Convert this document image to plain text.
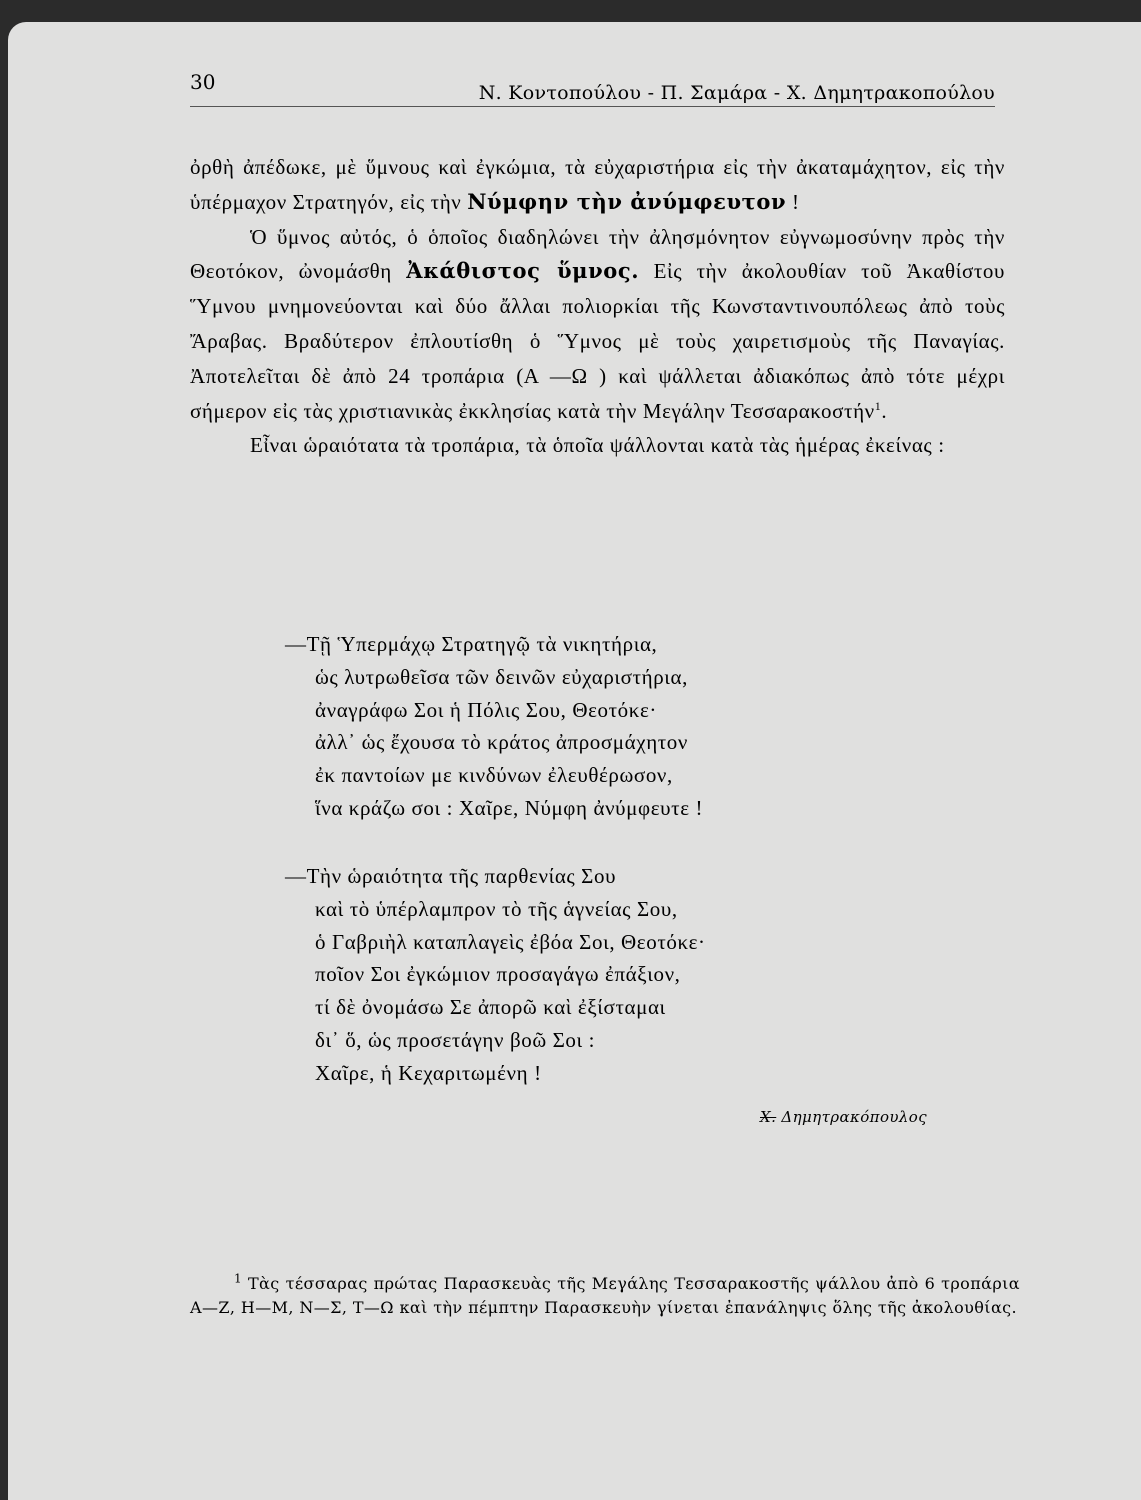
30	Ν. Κοντοπούλου - Π. Σαμάρα - Χ. Δημητρακοπούλου

ὀρθὴ ἀπέδωκε, μὲ ὕμνους καὶ ἐγκώμια, τὰ εὐχαριστήρια εἰς τὴν ἀκαταμάχητον, εἰς τὴν ὑπέρμαχον Στρατηγόν, εἰς τὴν Νύμφην τὴν ἀνύμφευτον !

Ὁ ὕμνος αὐτός, ὁ ὁποῖος διαδηλώνει τὴν ἀλησμόνητον εὐγνωμοσύνην πρὸς τὴν Θεοτόκον, ὠνομάσθη Ἀκάθιστος ὕμνος. Εἰς τὴν ἀκολουθίαν τοῦ Ἀκαθίστου Ὕμνου μνημονεύονται καὶ δύο ἄλλαι πολιορκίαι τῆς Κωνσταντινουπόλεως ἀπὸ τοὺς Ἄραβας. Βραδύτερον ἐπλουτίσθη ὁ Ὕμνος μὲ τοὺς χαιρετισμοὺς τῆς Παναγίας. Ἀποτελεῖται δὲ ἀπὸ 24 τροπάρια (Α —Ω ) καὶ ψάλλεται ἀδιακόπως ἀπὸ τότε μέχρι σήμερον εἰς τὰς χριστιανικὰς ἐκκλησίας κατὰ τὴν Μεγάλην Τεσσαρακοστήν$^1$.

Εἶναι ὡραιότατα τὰ τροπάρια, τὰ ὁποῖα ψάλλονται κατὰ τὰς ἡμέρας ἐκείνας :

—Τῇ Ὑπερμάχῳ Στρατηγῷ τὰ νικητήρια,
ὡς λυτρωθεῖσα τῶν δεινῶν εὐχαριστήρια,
ἀναγράφω Σοι ἡ Πόλις Σου, Θεοτόκε·
ἀλλ᾽ ὡς ἔχουσα τὸ κράτος ἀπροσμάχητον
ἐκ παντοίων με κινδύνων ἐλευθέρωσον,
ἵνα κράζω σοι : Χαῖρε, Νύμφη ἀνύμφευτε !
—Τὴν ὡραιότητα τῆς παρθενίας Σου
καὶ τὸ ὑπέρλαμπρον τὸ τῆς ἁγνείας Σου,
ὁ Γαβριὴλ καταπλαγεὶς ἐβόα Σοι, Θεοτόκε·
ποῖον Σοι ἐγκώμιον προσαγάγω ἐπάξιον,
τί δὲ ὀνομάσω Σε ἀπορῶ καὶ ἐξίσταμαι
δι᾽ ὅ, ὡς προσετάγην βοῶ Σοι :
Χαῖρε, ἡ Κεχαριτωμένη !
Χ. Δημητρακόπουλος
$^1$ Τὰς τέσσαρας πρώτας Παρασκευὰς τῆς Μεγάλης Τεσσαρακοστῆς ψάλλου ἀπὸ 6 τροπάρια Α—Ζ, Η—Μ, Ν—Σ, Τ—Ω καὶ τὴν πέμπτην Παρασκευὴν γίνεται ἐπανάληψις ὅλης τῆς ἀκολουθίας.
